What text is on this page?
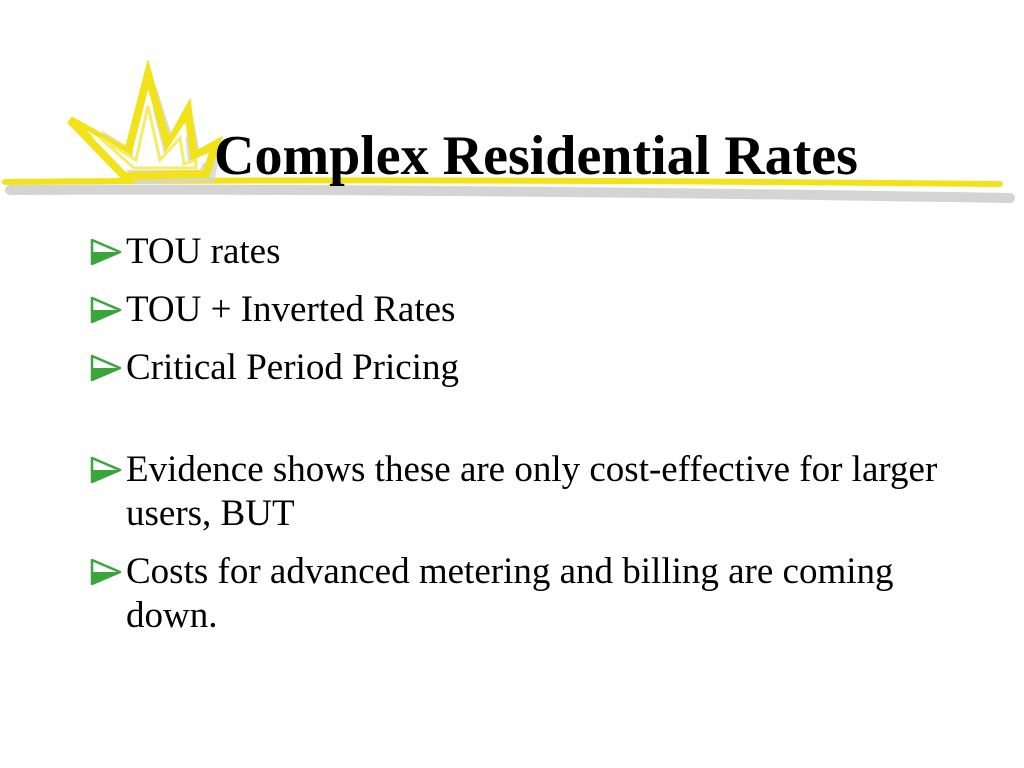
Complex Residential Rates
TOU rates
TOU + Inverted Rates
Critical Period Pricing
Evidence shows these are only cost-effective for larger users, BUT
Costs for advanced metering and billing are coming down.
